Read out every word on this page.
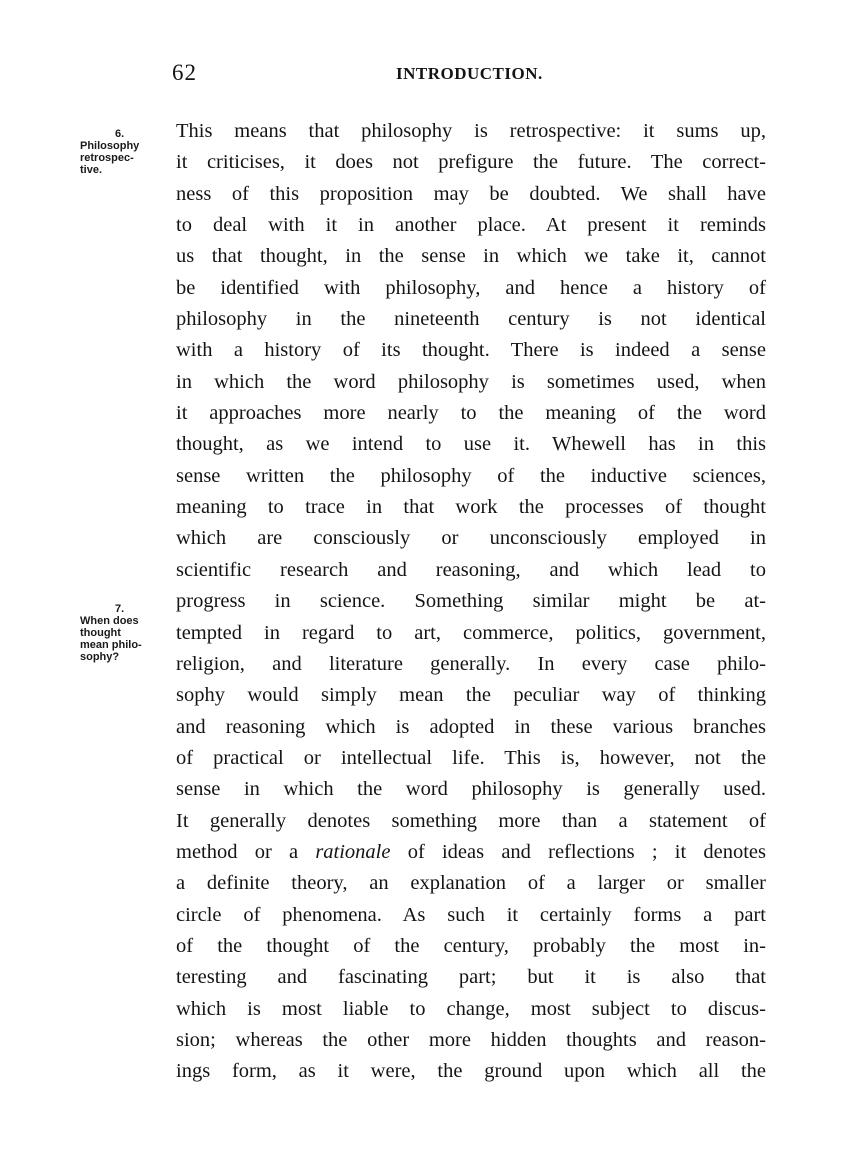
62	INTRODUCTION.
6.
Philosophy
retrospec-
tive.
7.
When does
thought
mean philo-
sophy?
This means that philosophy is retrospective: it sums up,
it criticises, it does not prefigure the future. The correct-
ness of this proposition may be doubted. We shall have
to deal with it in another place. At present it reminds
us that thought, in the sense in which we take it, cannot
be identified with philosophy, and hence a history of
philosophy in the nineteenth century is not identical
with a history of its thought. There is indeed a sense
in which the word philosophy is sometimes used, when
it approaches more nearly to the meaning of the word
thought, as we intend to use it. Whewell has in this
sense written the philosophy of the inductive sciences,
meaning to trace in that work the processes of thought
which are consciously or unconsciously employed in
scientific research and reasoning, and which lead to
progress in science. Something similar might be at-
tempted in regard to art, commerce, politics, government,
religion, and literature generally. In every case philo-
sophy would simply mean the peculiar way of thinking
and reasoning which is adopted in these various branches
of practical or intellectual life. This is, however, not the
sense in which the word philosophy is generally used.
It generally denotes something more than a statement of
method or a rationale of ideas and reflections ; it denotes
a definite theory, an explanation of a larger or smaller
circle of phenomena. As such it certainly forms a part
of the thought of the century, probably the most in-
teresting and fascinating part; but it is also that
which is most liable to change, most subject to discus-
sion; whereas the other more hidden thoughts and reason-
ings form, as it were, the ground upon which all the
